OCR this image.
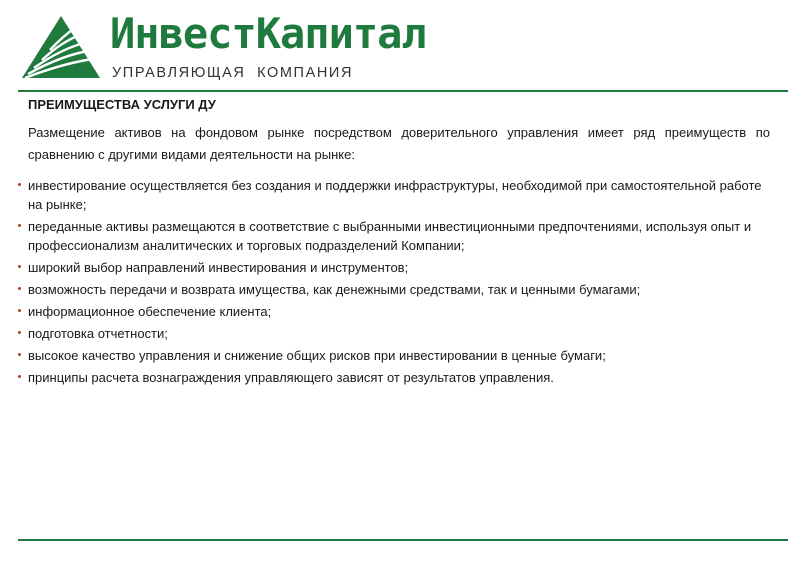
ИнвестКапитал
УПРАВЛЯЮЩАЯ КОМПАНИЯ
ПРЕИМУЩЕСТВА УСЛУГИ ДУ

Размещение активов на фондовом рынке посредством доверительного управления имеет ряд преимуществ по сравнению с другими видами деятельности на рынке:

инвестирование осуществляется без создания и поддержки инфраструктуры, необходимой при самостоятельной работе на рынке;
переданные активы размещаются в соответствие с выбранными инвестиционными предпочтениями, используя опыт и профессионализм аналитических и торговых подразделений Компании;
широкий выбор направлений инвестирования и инструментов;
возможность передачи и возврата имущества, как денежными средствами, так и ценными бумагами;
информационное обеспечение клиента;
подготовка отчетности;
высокое качество управления и снижение общих рисков при инвестировании в ценные бумаги;
принципы расчета вознаграждения управляющего зависят от результатов управления.
